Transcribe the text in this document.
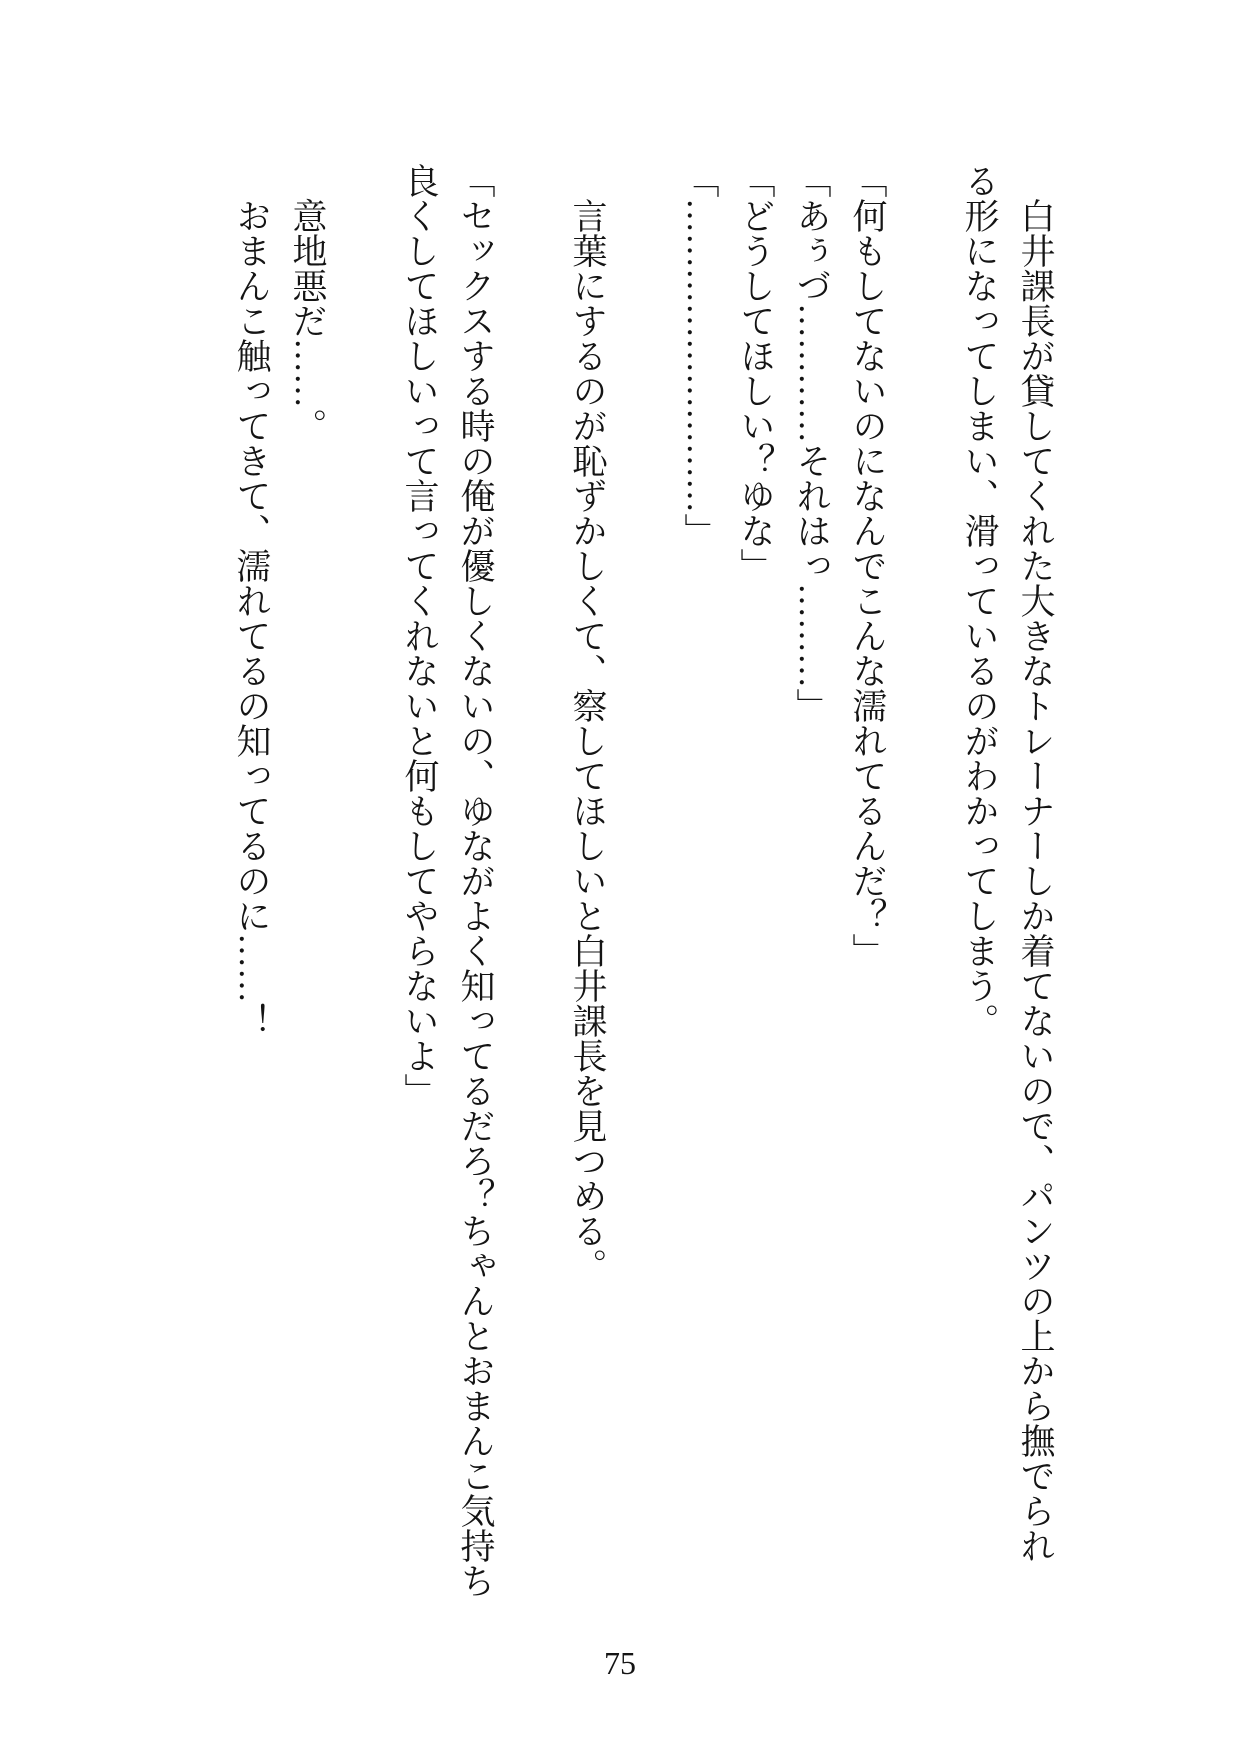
　白井課長が貸してくれた大きなトレーナーしか着てないので、パンツの上から撫でられ

る形になってしまい、滑っているのがわかってしまう。

「何もしてないのになんでこんな濡れてるんだ？」

「あぅづ…………それはっ………」

「どうしてほしい？ゆな」

「………………………」

　言葉にするのが恥ずかしくて、察してほしいと白井課長を見つめる。

「セックスする時の俺が優しくないの、ゆながよく知ってるだろ？ちゃんとおまんこ気持ち

良くしてほしいって言ってくれないと何もしてやらないよ」

　意地悪だ……。

　おまんこ触ってきて、濡れてるの知ってるのに……！

75
